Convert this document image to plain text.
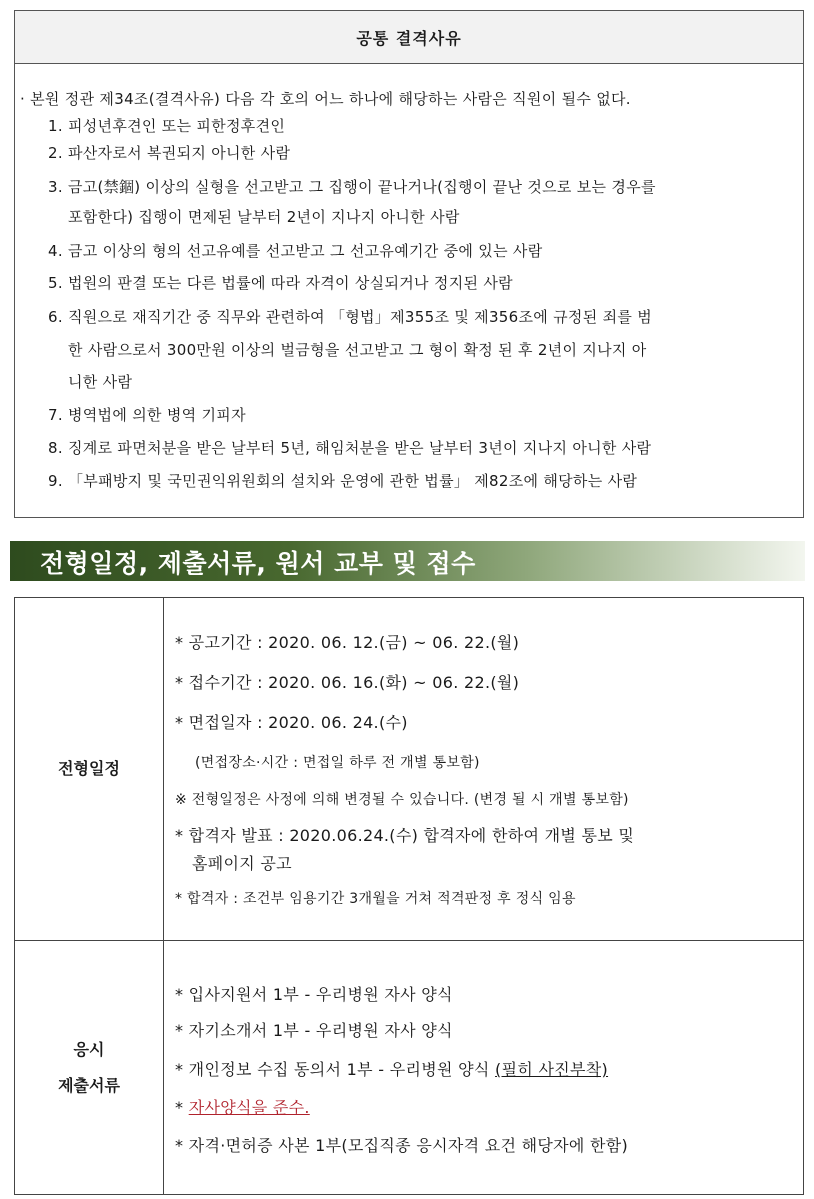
공통 결격사유
· 본원 정관 제34조(결격사유) 다음 각 호의 어느 하나에 해당하는 사람은 직원이 될수 없다.
1. 피성년후견인 또는 피한정후견인
2. 파산자로서 복권되지 아니한 사람
3. 금고(禁錮) 이상의 실형을 선고받고 그 집행이 끝나거나(집행이 끝난 것으로 보는 경우를
포함한다) 집행이 면제된 날부터 2년이 지나지 아니한 사람
4. 금고 이상의 형의 선고유예를 선고받고 그 선고유예기간 중에 있는 사람
5. 법원의 판결 또는 다른 법률에 따라 자격이 상실되거나 정지된 사람
6. 직원으로 재직기간 중 직무와 관련하여 「형법」제355조 및 제356조에 규정된 죄를 범
한 사람으로서 300만원 이상의 벌금형을 선고받고 그 형이 확정 된 후 2년이 지나지 아
니한 사람
7. 병역법에 의한 병역 기피자
8. 징계로 파면처분을 받은 날부터 5년, 해임처분을 받은 날부터 3년이 지나지 아니한 사람
9. 「부패방지 및 국민권익위원회의 설치와 운영에 관한 법률」 제82조에 해당하는 사람
전형일정, 제출서류, 원서 교부 및 접수
전형일정
응시
제출서류
* 공고기간 : 2020. 06. 12.(금) ~ 06. 22.(월)
* 접수기간 : 2020. 06. 16.(화) ~ 06. 22.(월)
* 면접일자 : 2020. 06. 24.(수)
(면접장소·시간 : 면접일 하루 전 개별 통보함)
※ 전형일정은 사정에 의해 변경될 수 있습니다. (변경 될 시 개별 통보함)
* 합격자 발표 : 2020.06.24.(수) 합격자에 한하여 개별 통보 및
홈페이지 공고
* 합격자 : 조건부 임용기간 3개월을 거쳐 적격판정 후 정식 임용
* 입사지원서 1부 - 우리병원 자사 양식
* 자기소개서 1부 - 우리병원 자사 양식
* 개인정보 수집 동의서 1부 - 우리병원 양식 (필히 사진부착)
* 자사양식을 준수.
* 자격·면허증 사본 1부(모집직종 응시자격 요건 해당자에 한함)
